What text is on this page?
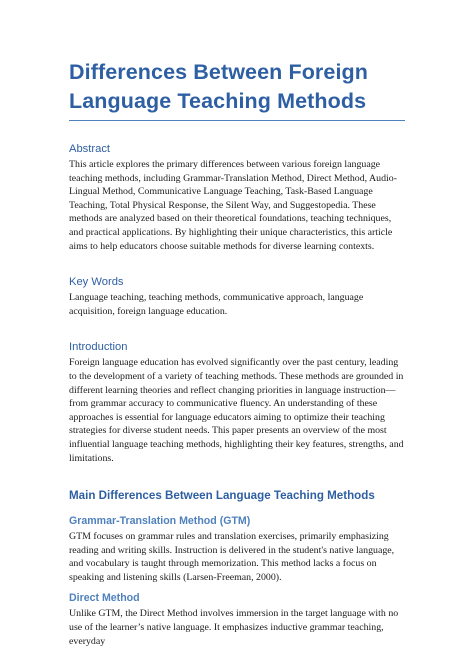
Differences Between Foreign Language Teaching Methods
Abstract

This article explores the primary differences between various foreign language teaching methods, including Grammar-Translation Method, Direct Method, Audio-Lingual Method, Communicative Language Teaching, Task-Based Language Teaching, Total Physical Response, the Silent Way, and Suggestopedia. These methods are analyzed based on their theoretical foundations, teaching techniques, and practical applications. By highlighting their unique characteristics, this article aims to help educators choose suitable methods for diverse learning contexts.

Key Words

Language teaching, teaching methods, communicative approach, language acquisition, foreign language education.

Introduction

Foreign language education has evolved significantly over the past century, leading to the development of a variety of teaching methods. These methods are grounded in different learning theories and reflect changing priorities in language instruction—from grammar accuracy to communicative fluency. An understanding of these approaches is essential for language educators aiming to optimize their teaching strategies for diverse student needs. This paper presents an overview of the most influential language teaching methods, highlighting their key features, strengths, and limitations.

Main Differences Between Language Teaching Methods
Grammar-Translation Method (GTM)

GTM focuses on grammar rules and translation exercises, primarily emphasizing reading and writing skills. Instruction is delivered in the student's native language, and vocabulary is taught through memorization. This method lacks a focus on speaking and listening skills (Larsen-Freeman, 2000).

Direct Method

Unlike GTM, the Direct Method involves immersion in the target language with no use of the learner’s native language. It emphasizes inductive grammar teaching, everyday
